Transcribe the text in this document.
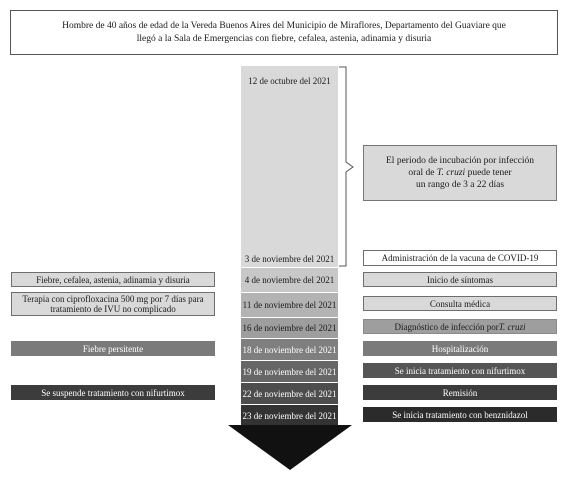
Hombre de 40 años de edad de la Vereda Buenos Aires del Municipio de Miraflores, Departamento del Guaviare que
llegó a la Sala de Emergencias con fiebre, cefalea, astenia, adinamia y disuria
12 de octubre del 2021
3 de noviembre del 2021
4 de noviembre del 2021
11 de noviembre del 2021
16 de noviembre del 2021
18 de noviembre del 2021
19 de noviembre del 2021
22 de noviembre del 2021
23 de noviembre del 2021
El periodo de incubación por infección
oral de T. cruzi puede tener
un rango de 3 a 22 días
Administración de la vacuna de COVID-19
Inicio de síntomas
Consulta médica
Diagnóstico de infección por T. cruzi
Hospitalización
Se inicia tratamiento con nifurtimox
Remisión
Se inicia tratamiento con benznidazol
Fiebre, cefalea, astenia, adinamia y disuria
Terapia con ciprofloxacina 500 mg por 7 días para
tratamiento de IVU no complicado
Fiebre persitente
Se suspende tratamiento con nifurtimox
